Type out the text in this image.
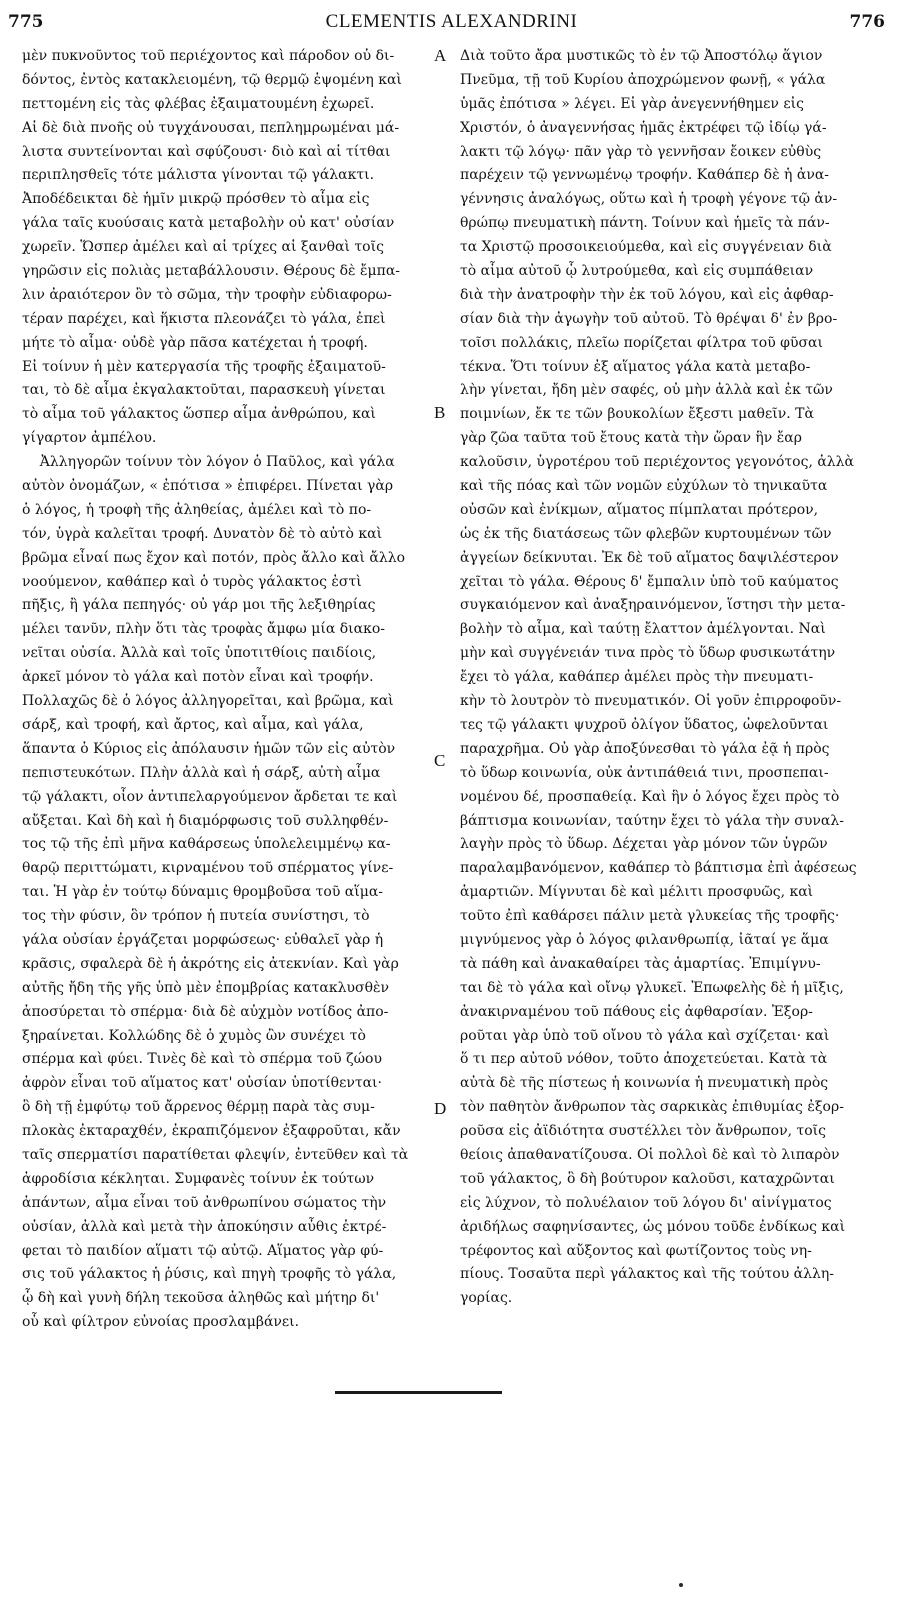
775	CLEMENTIS ALEXANDRINI	776
μὲν πυκνοῦντος τοῦ περιέχοντος καὶ πάροδον οὐ δι-
δόντος, ἐντὸς κατακλειομένη, τῷ θερμῷ ἑψομένη καὶ
πεττομένη εἰς τὰς φλέβας ἐξαιματουμένη ἐχωρεῖ.
Αἱ δὲ διὰ πνοῆς οὐ τυγχάνουσαι, πεπλημρωμέναι μά-
λιστα συντείνονται καὶ σφύζουσι· διὸ καὶ αἱ τίτθαι
περιπλησθεῖς τότε μάλιστα γίνονται τῷ γάλακτι.
Ἀποδέδεικται δὲ ἡμῖν μικρῷ πρόσθεν τὸ αἷμα εἰς
γάλα ταῖς κυούσαις κατὰ μεταβολὴν οὐ κατ' οὐσίαν
χωρεῖν. Ὥσπερ ἀμέλει καὶ αἱ τρίχες αἱ ξανθαὶ τοῖς
γηρῶσιν εἰς πολιὰς μεταβάλλουσιν. Θέρους δὲ ἔμπα-
λιν ἀραιότερον ὂν τὸ σῶμα, τὴν τροφὴν εὐδιαφορω-
τέραν παρέχει, καὶ ἥκιστα πλεονάζει τὸ γάλα, ἐπεὶ
μήτε τὸ αἷμα· οὐδὲ γὰρ πᾶσα κατέχεται ἡ τροφή.
Εἰ τοίνυν ἡ μὲν κατεργασία τῆς τροφῆς ἐξαιματοῦ-
ται, τὸ δὲ αἷμα ἐκγαλακτοῦται, παρασκευὴ γίνεται
τὸ αἷμα τοῦ γάλακτος ὥσπερ αἷμα ἀνθρώπου, καὶ
γίγαρτον ἀμπέλου.
Ἀλληγορῶν τοίνυν τὸν λόγον ὁ Παῦλος, καὶ γάλα
αὐτὸν ὀνομάζων, « ἐπότισα » ἐπιφέρει. Πίνεται γὰρ
ὁ λόγος, ἡ τροφὴ τῆς ἀληθείας, ἀμέλει καὶ τὸ πο-
τόν, ὑγρὰ καλεῖται τροφή. Δυνατὸν δὲ τὸ αὐτὸ καὶ
βρῶμα εἶναί πως ἔχον καὶ ποτόν, πρὸς ἄλλο καὶ ἄλλο
νοούμενον, καθάπερ καὶ ὁ τυρὸς γάλακτος ἐστὶ
πῆξις, ἢ γάλα πεπηγός· οὐ γάρ μοι τῆς λεξιθηρίας
μέλει τανῦν, πλὴν ὅτι τὰς τροφὰς ἄμφω μία διακο-
νεῖται οὐσία. Ἀλλὰ καὶ τοῖς ὑποτιτθίοις παιδίοις,
ἀρκεῖ μόνον τὸ γάλα καὶ ποτὸν εἶναι καὶ τροφήν.
Πολλαχῶς δὲ ὁ λόγος ἀλληγορεῖται, καὶ βρῶμα, καὶ
σάρξ, καὶ τροφή, καὶ ἄρτος, καὶ αἷμα, καὶ γάλα,
ἅπαντα ὁ Κύριος εἰς ἀπόλαυσιν ἡμῶν τῶν εἰς αὐτὸν
πεπιστευκότων. Πλὴν ἀλλὰ καὶ ἡ σάρξ, αὐτὴ αἷμα
τῷ γάλακτι, οἷον ἀντιπελαργούμενον ἄρδεται τε καὶ
αὔξεται. Καὶ δὴ καὶ ἡ διαμόρφωσις τοῦ συλληφθέν-
τος τῷ τῆς ἐπὶ μῆνα καθάρσεως ὑπολελειμμένῳ κα-
θαρῷ περιττώματι, κιρναμένου τοῦ σπέρματος γίνε-
ται. Ἡ γὰρ ἐν τούτῳ δύναμις θρομβοῦσα τοῦ αἵμα-
τος τὴν φύσιν, ὃν τρόπον ἡ πυτεία συνίστησι, τὸ
γάλα οὐσίαν ἐργάζεται μορφώσεως· εὐθαλεῖ γὰρ ἡ
κρᾶσις, σφαλερὰ δὲ ἡ ἀκρότης εἰς ἀτεκνίαν. Καὶ γὰρ
αὐτῆς ἤδη τῆς γῆς ὑπὸ μὲν ἐπομβρίας κατακλυσθὲν
ἀποσύρεται τὸ σπέρμα· διὰ δὲ αὐχμὸν νοτίδος ἀπο-
ξηραίνεται. Κολλώδης δὲ ὁ χυμὸς ὢν συνέχει τὸ
σπέρμα καὶ φύει. Τινὲς δὲ καὶ τὸ σπέρμα τοῦ ζώου
ἀφρὸν εἶναι τοῦ αἵματος κατ' οὐσίαν ὑποτίθενται·
ὃ δὴ τῇ ἐμφύτῳ τοῦ ἄρρενος θέρμῃ παρὰ τὰς συμ-
πλοκὰς ἐκταραχθέν, ἐκραπιζόμενον ἐξαφροῦται, κἄν
ταῖς σπερματίσι παρατίθεται φλεψίν, ἐντεῦθεν καὶ τὰ
ἀφροδίσια κέκληται. Συμφανὲς τοίνυν ἐκ τούτων
ἁπάντων, αἷμα εἶναι τοῦ ἀνθρωπίνου σώματος τὴν
οὐσίαν, ἀλλὰ καὶ μετὰ τὴν ἀποκύησιν αὖθις ἐκτρέ-
φεται τὸ παιδίον αἵματι τῷ αὐτῷ. Αἵματος γὰρ φύ-
σις τοῦ γάλακτος ἡ ῥύσις, καὶ πηγὴ τροφῆς τὸ γάλα,
ᾧ δὴ καὶ γυνὴ δήλη τεκοῦσα ἀληθῶς καὶ μήτηρ δι'
οὗ καὶ φίλτρον εὐνοίας προσλαμβάνει.
Διὰ τοῦτο ἄρα μυστικῶς τὸ ἐν τῷ Ἀποστόλῳ ἅγιον
Πνεῦμα, τῇ τοῦ Κυρίου ἀποχρώμενον φωνῇ, « γάλα
ὑμᾶς ἐπότισα » λέγει. Εἰ γὰρ ἀνεγεννήθημεν εἰς
Χριστόν, ὁ ἀναγεννήσας ἡμᾶς ἐκτρέφει τῷ ἰδίῳ γά-
λακτι τῷ λόγῳ· πᾶν γὰρ τὸ γεννῆσαν ἔοικεν εὐθὺς
παρέχειν τῷ γεννωμένῳ τροφήν. Καθάπερ δὲ ἡ ἀνα-
γέννησις ἀναλόγως, οὕτω καὶ ἡ τροφὴ γέγονε τῷ ἀν-
θρώπῳ πνευματικὴ πάντη. Τοίνυν καὶ ἡμεῖς τὰ πάν-
τα Χριστῷ προσοικειούμεθα, καὶ εἰς συγγένειαν διὰ
τὸ αἷμα αὐτοῦ ᾧ λυτρούμεθα, καὶ εἰς συμπάθειαν
διὰ τὴν ἀνατροφὴν τὴν ἐκ τοῦ λόγου, καὶ εἰς ἀφθαρ-
σίαν διὰ τὴν ἀγωγὴν τοῦ αὐτοῦ. Τὸ θρέψαι δ' ἐν βρο-
τοῖσι πολλάκις, πλεῖω πορίζεται φίλτρα τοῦ φῦσαι
τέκνα. Ὅτι τοίνυν ἐξ αἵματος γάλα κατὰ μεταβο-
λὴν γίνεται, ἤδη μὲν σαφές, οὐ μὴν ἀλλὰ καὶ ἐκ τῶν
ποιμνίων, ἔκ τε τῶν βουκολίων ἔξεστι μαθεῖν. Τὰ
γὰρ ζῶα ταῦτα τοῦ ἔτους κατὰ τὴν ὥραν ἣν ἔαρ
καλοῦσιν, ὑγροτέρου τοῦ περιέχοντος γεγονότος, ἀλλὰ
καὶ τῆς πόας καὶ τῶν νομῶν εὐχύλων τὸ τηνικαῦτα
οὐσῶν καὶ ἐνίκμων, αἵματος πίμπλαται πρότερον,
ὡς ἐκ τῆς διατάσεως τῶν φλεβῶν κυρτουμένων τῶν
ἀγγείων δείκνυται. Ἐκ δὲ τοῦ αἵματος δαψιλέστερον
χεῖται τὸ γάλα. Θέρους δ' ἔμπαλιν ὑπὸ τοῦ καύματος
συγκαιόμενον καὶ ἀναξηραινόμενον, ἵστησι τὴν μετα-
βολὴν τὸ αἷμα, καὶ ταύτῃ ἔλαττον ἀμέλγονται. Ναὶ
μὴν καὶ συγγένειάν τινα πρὸς τὸ ὕδωρ φυσικωτάτην
ἔχει τὸ γάλα, καθάπερ ἀμέλει πρὸς τὴν πνευματι-
κὴν τὸ λουτρὸν τὸ πνευματικόν. Οἱ γοῦν ἐπιρροφοῦν-
τες τῷ γάλακτι ψυχροῦ ὀλίγον ὕδατος, ὠφελοῦνται
παραχρῆμα. Οὐ γὰρ ἀποξύνεσθαι τὸ γάλα ἐᾷ ἡ πρὸς
τὸ ὕδωρ κοινωνία, οὐκ ἀντιπάθειά τινι, προσπεπαι-
νομένου δέ, προσπαθείᾳ. Καὶ ἣν ὁ λόγος ἔχει πρὸς τὸ
βάπτισμα κοινωνίαν, ταύτην ἔχει τὸ γάλα τὴν συναλ-
λαγὴν πρὸς τὸ ὕδωρ. Δέχεται γὰρ μόνον τῶν ὑγρῶν
παραλαμβανόμενον, καθάπερ τὸ βάπτισμα ἐπὶ ἀφέσεως
ἁμαρτιῶν. Μίγνυται δὲ καὶ μέλιτι προσφυῶς, καὶ
τοῦτο ἐπὶ καθάρσει πάλιν μετὰ γλυκείας τῆς τροφῆς·
μιγνύμενος γὰρ ὁ λόγος φιλανθρωπίᾳ, ἰᾶταί γε ἅμα
τὰ πάθη καὶ ἀνακαθαίρει τὰς ἁμαρτίας. Ἐπιμίγνυ-
ται δὲ τὸ γάλα καὶ οἴνῳ γλυκεῖ. Ἐπωφελὴς δὲ ἡ μῖξις,
ἀνακιρναμένου τοῦ πάθους εἰς ἀφθαρσίαν. Ἐξορ-
ροῦται γὰρ ὑπὸ τοῦ οἴνου τὸ γάλα καὶ σχίζεται· καὶ
ὅ τι περ αὐτοῦ νόθον, τοῦτο ἀποχετεύεται. Κατὰ τὰ
αὐτὰ δὲ τῆς πίστεως ἡ κοινωνία ἡ πνευματικὴ πρὸς
τὸν παθητὸν ἄνθρωπον τὰς σαρκικὰς ἐπιθυμίας ἐξορ-
ροῦσα εἰς ἀϊδιότητα συστέλλει τὸν ἄνθρωπον, τοῖς
θείοις ἀπαθανατίζουσα. Οἱ πολλοὶ δὲ καὶ τὸ λιπαρὸν
τοῦ γάλακτος, ὃ δὴ βούτυρον καλοῦσι, καταχρῶνται
εἰς λύχνον, τὸ πολυέλαιον τοῦ λόγου δι' αἰνίγματος
ἀριδήλως σαφηνίσαντες, ὡς μόνου τοῦδε ἐνδίκως καὶ
τρέφοντος καὶ αὔξοντος καὶ φωτίζοντος τοὺς νη-
πίους. Τοσαῦτα περὶ γάλακτος καὶ τῆς τούτου ἀλλη-
γορίας.
A
B
C
D
